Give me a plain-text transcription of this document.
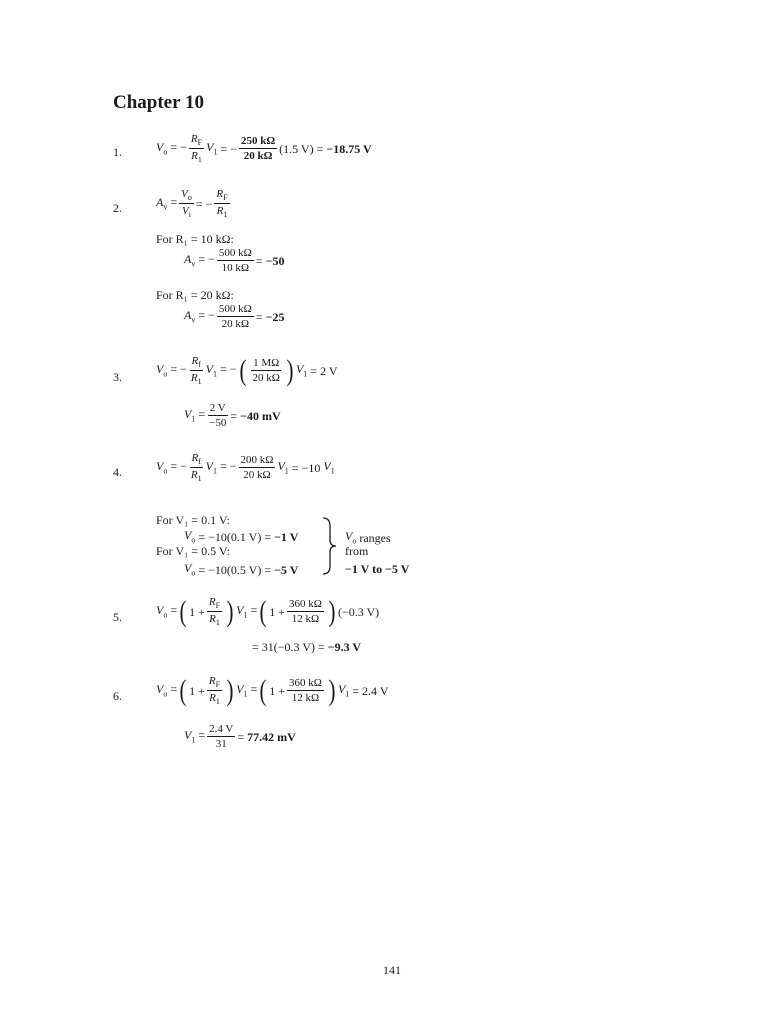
Chapter 10
1.	$V_o$ = − $\frac{R_F}{R_1} V_1$ = − $\frac{250 k\Omega}{20 k\Omega} (1.5$ V) =
−18.75 V
2.	$A_v = \frac{V_o}{V_i}$ = − $\frac{R_F}{R_1}$
For R₁ = 10 kΩ:
$A_v$ = − $\frac{500 k\Omega}{10 k\Omega} = -50$
For R₁ = 20 kΩ:
$A_v$ = − $\frac{500 k\Omega}{20 k\Omega} = -25$
3.
$V_o$ = − $\frac{R_f}{R_1} V_1$ = − ( $\frac{1 M\Omega}{20 k\Omega}$ ) $V_1 = 2$ V
$V_1 = \frac{2 V}{-50} = -40$ mV
4.	$V_o$ = − $\frac{R_f}{R_1} V_1$ = − $\frac{200 k\Omega}{20 k\Omega} V_1 = -10$
$V_1$
For V₁ = 0.1 V:
$V_o = -10(0.1$ V) =
−1 V
For V₁ = 0.5 V:
$V_o = -10(0.5$ V) =
−5 V
$V_o$ ranges
from
−1 V to −5 V
5.	$V_o$ = ( $1 + \frac{R_F}{R_1}$ ) $V_1$ = ( $1 + \frac{360 k\Omega}{12 k\Omega}$ ) (−0.3 V)
= 31(−0.3 V) =
−9.3 V
6.	$V_o$ = ( $1 + \frac{R_F}{R_1}$ ) $V_1$ = ( $1 + \frac{360 k\Omega}{12 k\Omega}$ ) $V_1 = 2.4$ V
$V_1 = \frac{2.4 V}{31} = 77.42$ mV
141
